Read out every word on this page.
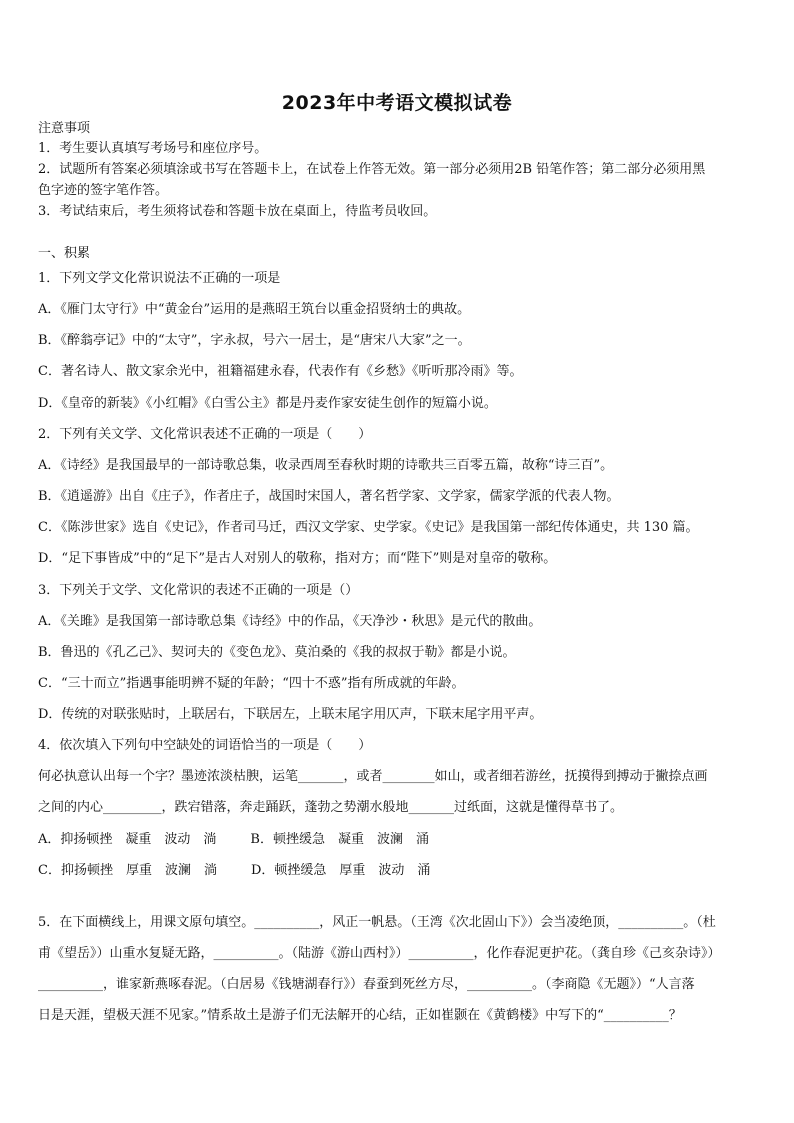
2023年中考语文模拟试卷
注意事项
1．考生要认真填写考场号和座位序号。
2．试题所有答案必须填涂或书写在答题卡上，在试卷上作答无效。第一部分必须用2B 铅笔作答；第二部分必须用黑
色字迹的签字笔作答。
3．考试结束后，考生须将试卷和答题卡放在桌面上，待监考员收回。
一、积累
1．下列文学文化常识说法不正确的一项是
A．《雁门太守行》中“黄金台”运用的是燕昭王筑台以重金招贤纳士的典故。
B．《醉翁亭记》中的“太守”，字永叔，号六一居士，是“唐宋八大家”之一。
C．著名诗人、散文家余光中，祖籍福建永春，代表作有《乡愁》《听听那冷雨》等。
D．《皇帝的新装》《小红帽》《白雪公主》都是丹麦作家安徒生创作的短篇小说。
2．下列有关文学、文化常识表述不正确的一项是（　　）
A．《诗经》是我国最早的一部诗歌总集，收录西周至春秋时期的诗歌共三百零五篇，故称“诗三百”。
B．《逍遥游》出自《庄子》，作者庄子，战国时宋国人，著名哲学家、文学家，儒家学派的代表人物。
C．《陈涉世家》选自《史记》，作者司马迁，西汉文学家、史学家。《史记》是我国第一部纪传体通史，共 130 篇。
D．“足下事皆成”中的“足下”是古人对别人的敬称，指对方；而“陛下”则是对皇帝的敬称。
3．下列关于文学、文化常识的表述不正确的一项是（）
A．《关雎》是我国第一部诗歌总集《诗经》中的作品，《天净沙・秋思》是元代的散曲。
B．鲁迅的《孔乙己》、契诃夫的《变色龙》、莫泊桑的《我的叔叔于勒》都是小说。
C．“三十而立”指遇事能明辨不疑的年龄；“四十不惑”指有所成就的年龄。
D．传统的对联张贴时，上联居右，下联居左，上联末尾字用仄声，下联末尾字用平声。
4．依次填入下列句中空缺处的词语恰当的一项是（　　）
何必执意认出每一个字？墨迹浓淡枯腴，运笔_______，或者________如山，或者细若游丝，抚摸得到搏动于撇捺点画
之间的内心_________，跌宕错落，奔走踊跃，蓬勃之势潮水般地_______过纸面，这就是懂得草书了。
A．抑扬顿挫　凝重　波动　淌	B．顿挫缓急　凝重　波澜　涌
C．抑扬顿挫　厚重　波澜　淌	D．顿挫缓急　厚重　波动　涌
5．在下面横线上，用课文原句填空。__________，风正一帆悬。（王湾《次北固山下》）会当凌绝顶，__________。（杜
甫《望岳》）山重水复疑无路，__________。（陆游《游山西村》）__________，化作春泥更护花。（龚自珍《己亥杂诗》）
__________，谁家新燕啄春泥。（白居易《钱塘湖春行》）春蚕到死丝方尽，__________。（李商隐《无题》）“人言落
日是天涯，望极天涯不见家。”情系故土是游子们无法解开的心结，正如崔颢在《黄鹤楼》中写下的“__________？
